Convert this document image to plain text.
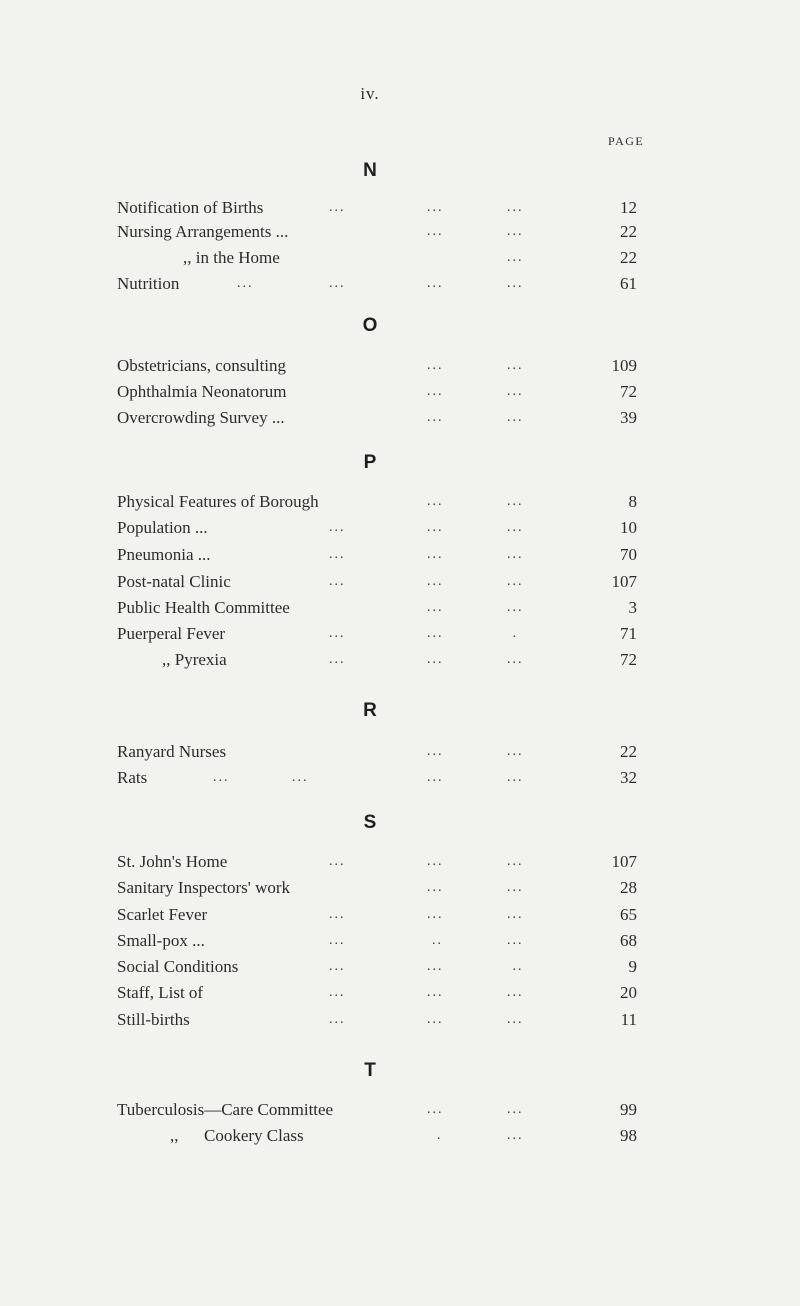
iv.
PAGE
N
Notification of Births	...	...	...	12
Nursing Arrangements ...	...	...	22
,, in the Home	...	22
Nutrition	...	...	...	...	61
O
Obstetricians, consulting	...	...	109
Ophthalmia Neonatorum	...	...	72
Overcrowding Survey ...	...	...	39
P
Physical Features of Borough	...	...	8
Population ...	...	...	...	10
Pneumonia ...	...	...	...	70
Post-natal Clinic	...	...	...	107
Public Health Committee	...	...	3
Puerperal Fever	...	...	.	71
,, Pyrexia	...	...	...	72
R
Ranyard Nurses	...	...	22
Rats	...	...	...	...	32
S
St. John's Home	...	...	...	107
Sanitary Inspectors' work	...	...	28
Scarlet Fever	...	...	...	65
Small-pox ...	...	..	...	68
Social Conditions	...	...	..	9
Staff, List of	...	...	...	20
Still-births	...	...	...	11
T
Tuberculosis—Care Committee	...	...	99
,,      Cookery Class	.	...	98
